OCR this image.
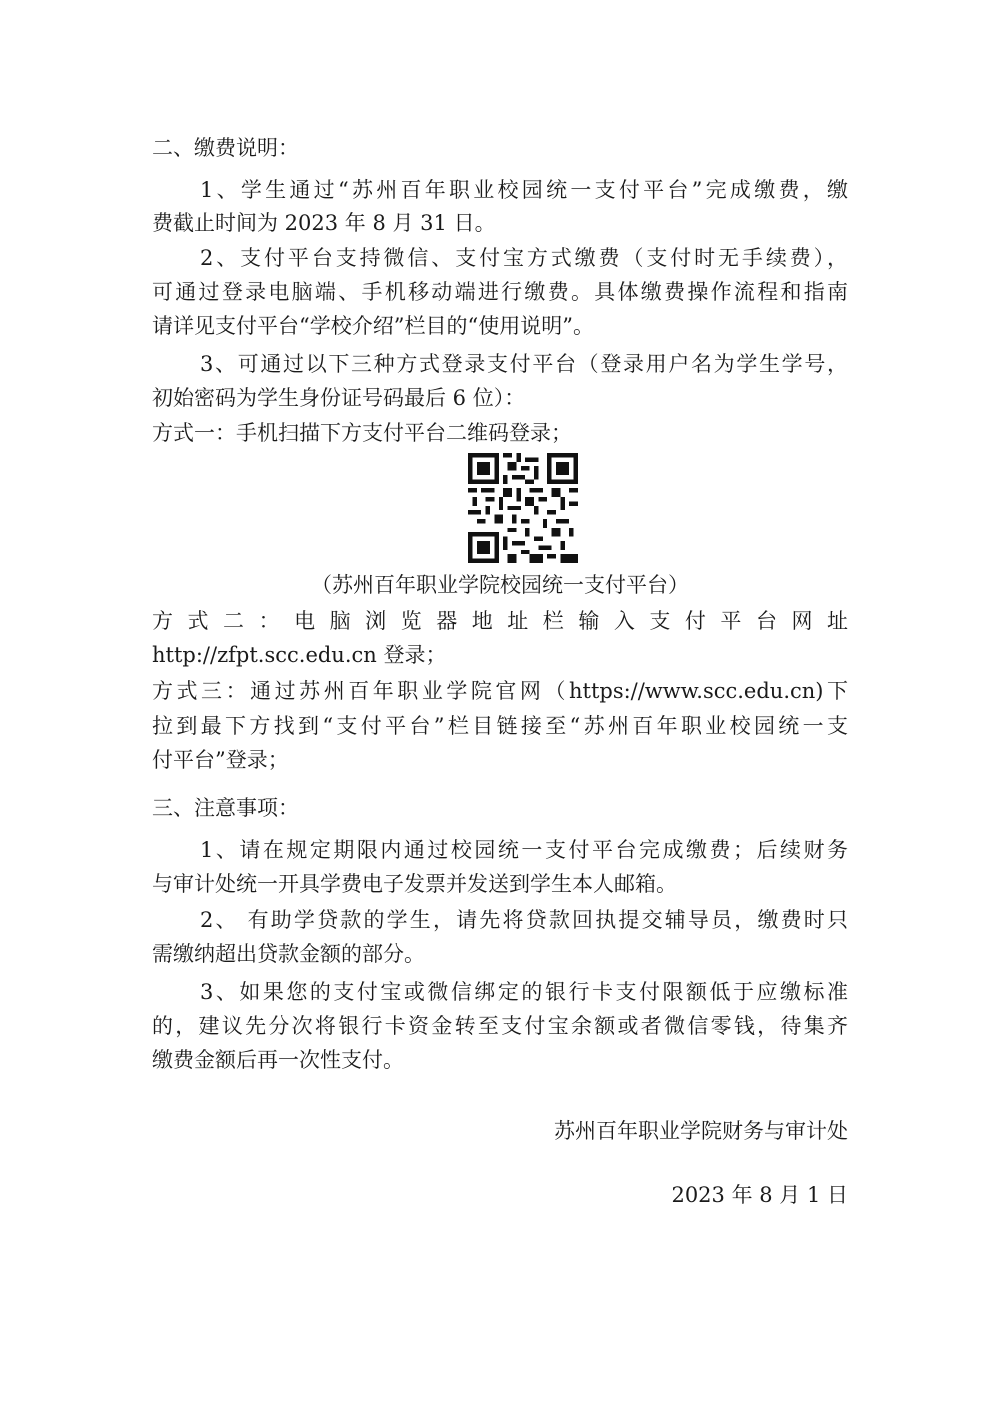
二、缴费说明：
1、学生通过“苏州百年职业校园统一支付平台”完成缴费，缴
费截止时间为 2023 年 8 月 31 日。
2、支付平台支持微信、支付宝方式缴费（支付时无手续费），
可通过登录电脑端、手机移动端进行缴费。具体缴费操作流程和指南
请详见支付平台“学校介绍”栏目的“使用说明”。
3、可通过以下三种方式登录支付平台（登录用户名为学生学号，
初始密码为学生身份证号码最后 6 位）：
方式一：手机扫描下方支付平台二维码登录；
（苏州百年职业学院校园统一支付平台）
方式二：电脑浏览器地址栏输入支付平台网址
http://zfpt.scc.edu.cn 登录；
方式三：通过苏州百年职业学院官网（https://www.scc.edu.cn)下
拉到最下方找到“支付平台”栏目链接至“苏州百年职业校园统一支
付平台”登录；
三、注意事项：
1、请在规定期限内通过校园统一支付平台完成缴费；后续财务
与审计处统一开具学费电子发票并发送到学生本人邮箱。
2、 有助学贷款的学生，请先将贷款回执提交辅导员，缴费时只
需缴纳超出贷款金额的部分。
3、如果您的支付宝或微信绑定的银行卡支付限额低于应缴标准
的，建议先分次将银行卡资金转至支付宝余额或者微信零钱，待集齐
缴费金额后再一次性支付。
苏州百年职业学院财务与审计处
2023 年 8 月 1 日
